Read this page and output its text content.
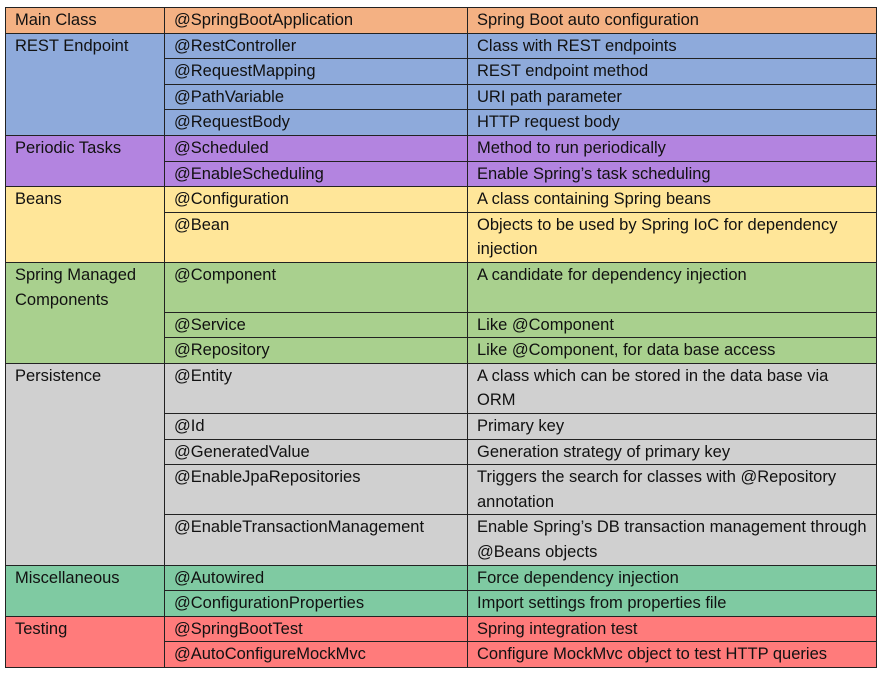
Main Class	@SpringBootApplication	Spring Boot auto configuration
REST Endpoint	@RestController	Class with REST endpoints
	@RequestMapping	REST endpoint method
	@PathVariable	URI path parameter
	@RequestBody	HTTP request body
Periodic Tasks	@Scheduled	Method to run periodically
	@EnableScheduling	Enable Spring’s task scheduling
Beans	@Configuration	A class containing Spring beans
	@Bean	Objects to be used by Spring IoC for dependency injection
Spring Managed Components	@Component	A candidate for dependency injection
	@Service	Like @Component
	@Repository	Like @Component, for data base access
Persistence	@Entity	A class which can be stored in the data base via ORM
	@Id	Primary key
	@GeneratedValue	Generation strategy of primary key
	@EnableJpaRepositories	Triggers the search for classes with @Repository annotation
	@EnableTransactionManagement	Enable Spring’s DB transaction management through @Beans objects
Miscellaneous	@Autowired	Force dependency injection
	@ConfigurationProperties	Import settings from properties file
Testing	@SpringBootTest	Spring integration test
	@AutoConfigureMockMvc	Configure MockMvc object to test HTTP queries
